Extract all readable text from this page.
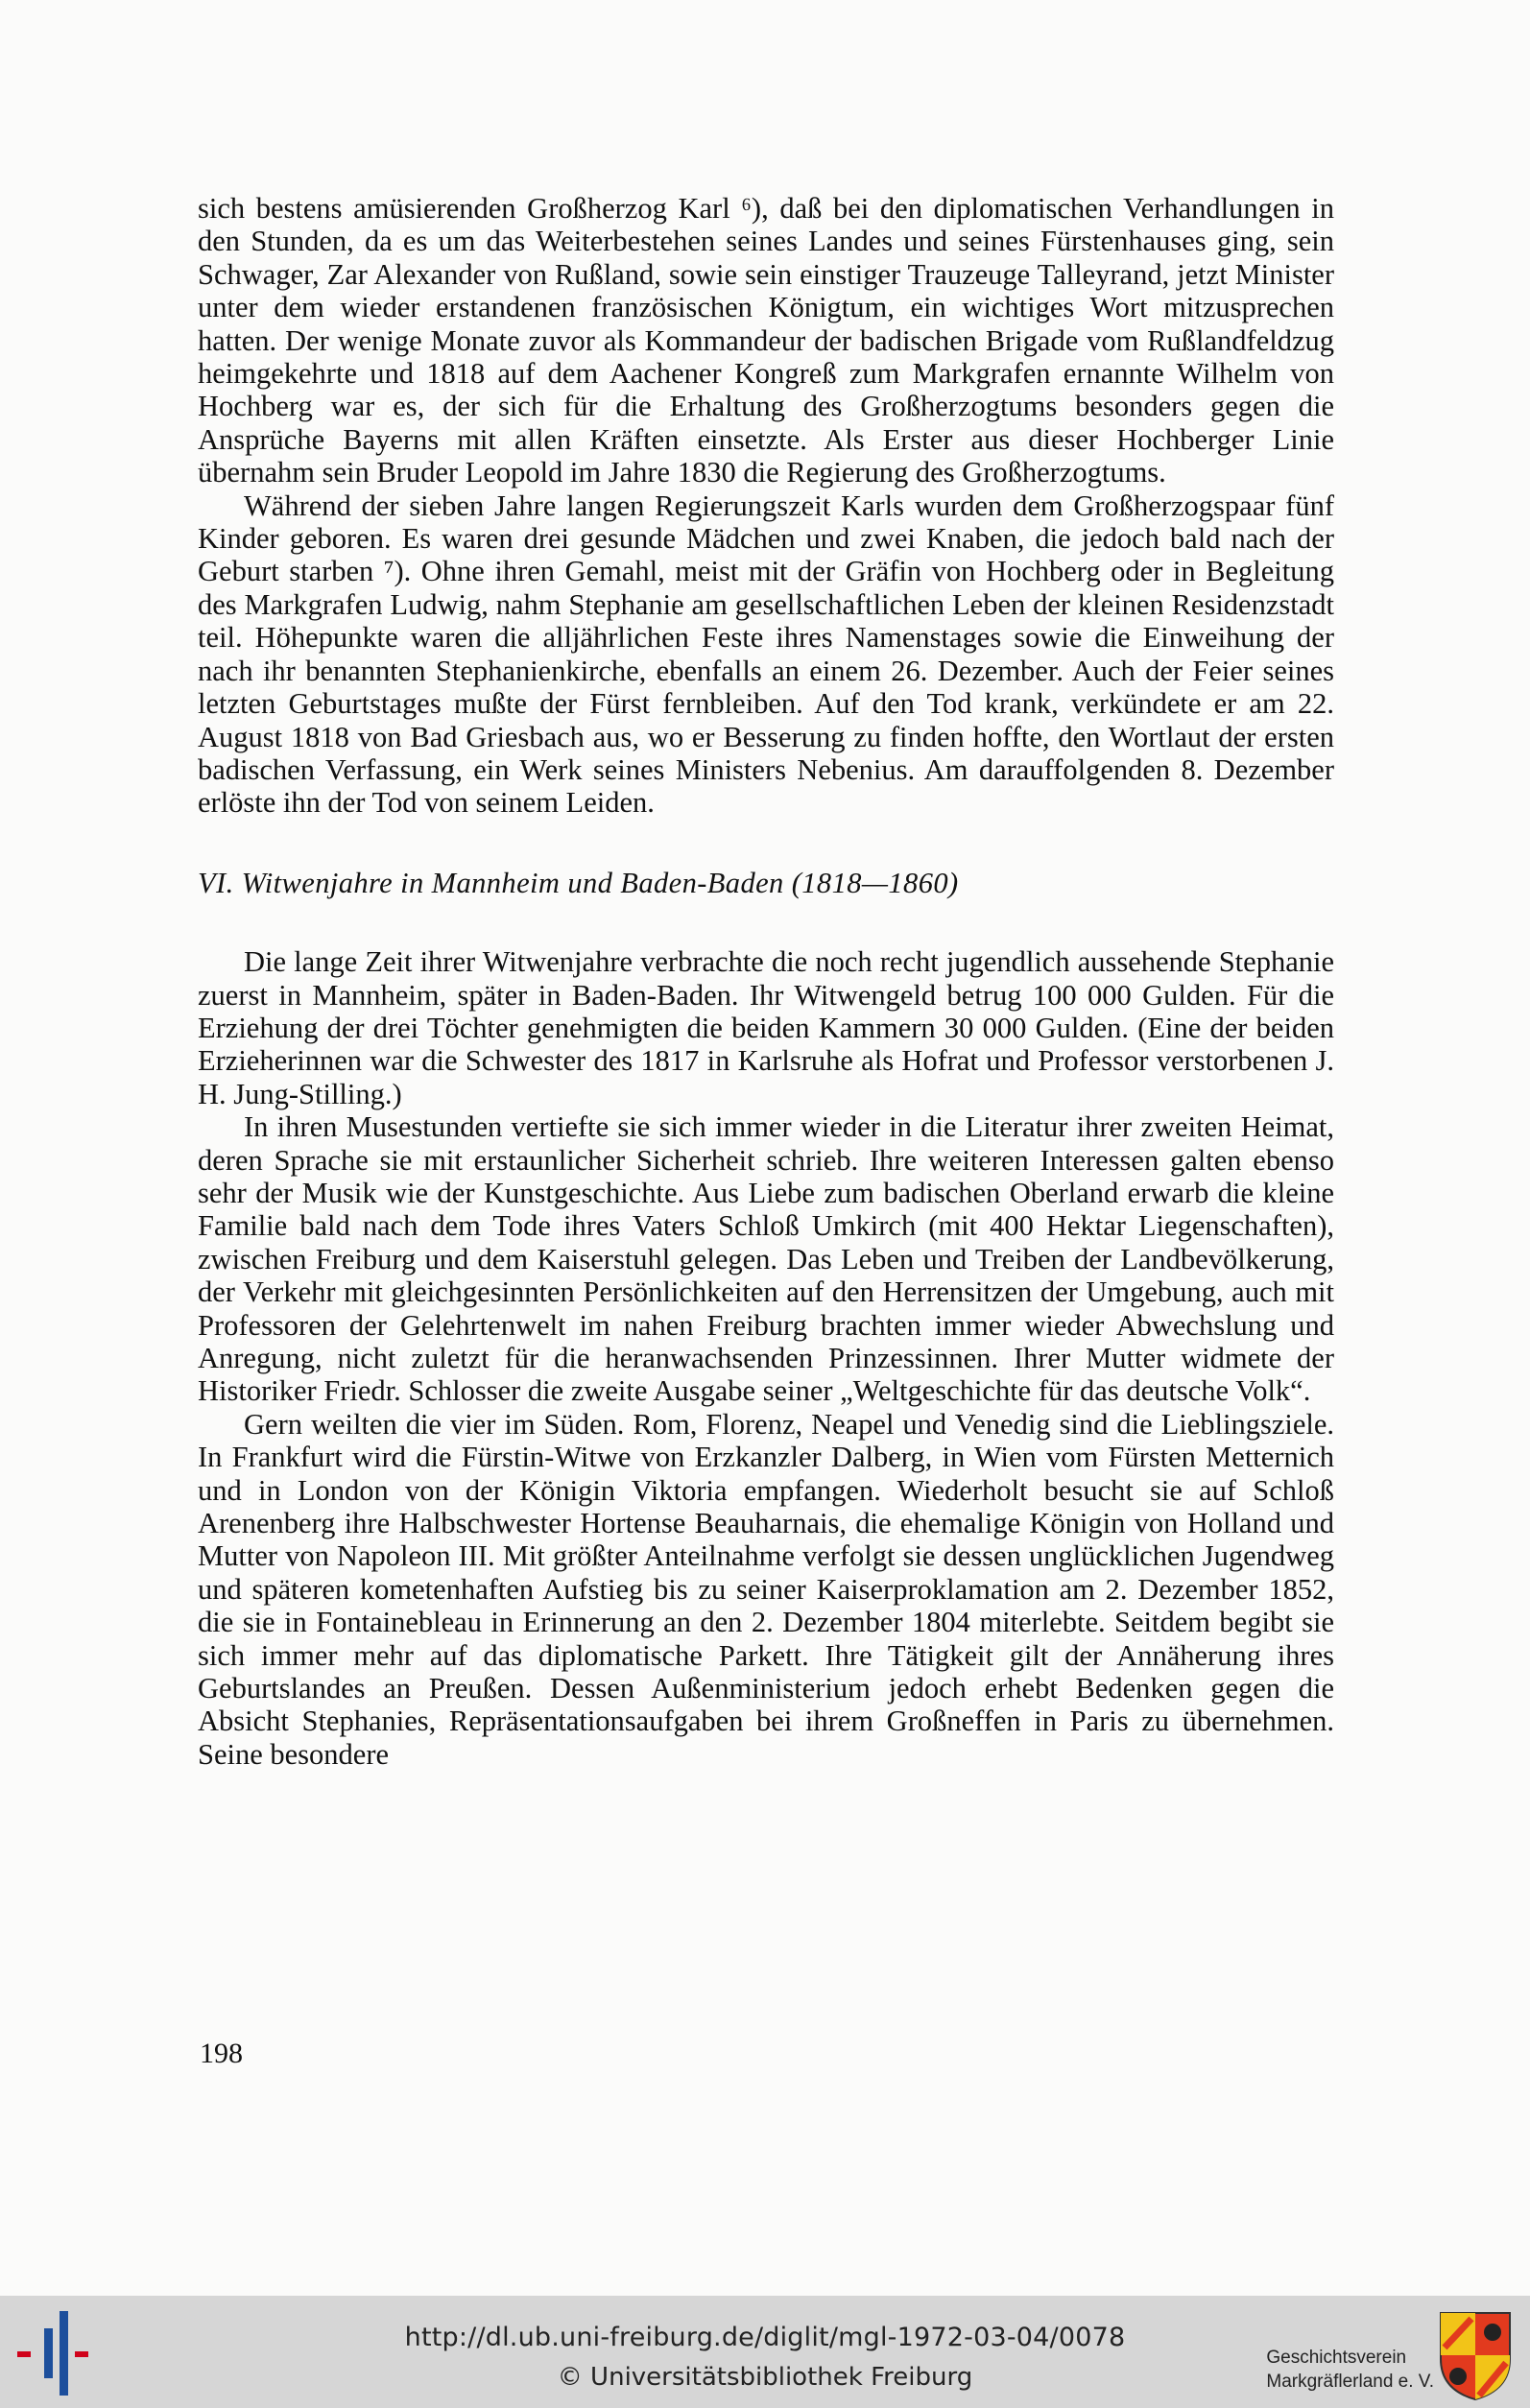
sich bestens amüsierenden Großherzog Karl ⁶), daß bei den diplomatischen Verhandlungen in den Stunden, da es um das Weiterbestehen seines Landes und seines Fürstenhauses ging, sein Schwager, Zar Alexander von Rußland, sowie sein einstiger Trauzeuge Talleyrand, jetzt Minister unter dem wieder erstandenen französischen Königtum, ein wichtiges Wort mitzusprechen hatten. Der wenige Monate zuvor als Kommandeur der badischen Brigade vom Rußlandfeldzug heimgekehrte und 1818 auf dem Aachener Kongreß zum Markgrafen ernannte Wilhelm von Hochberg war es, der sich für die Erhaltung des Großherzogtums besonders gegen die Ansprüche Bayerns mit allen Kräften einsetzte. Als Erster aus dieser Hochberger Linie übernahm sein Bruder Leopold im Jahre 1830 die Regierung des Großherzogtums.

Während der sieben Jahre langen Regierungszeit Karls wurden dem Großherzogspaar fünf Kinder geboren. Es waren drei gesunde Mädchen und zwei Knaben, die jedoch bald nach der Geburt starben ⁷). Ohne ihren Gemahl, meist mit der Gräfin von Hochberg oder in Begleitung des Markgrafen Ludwig, nahm Stephanie am gesellschaftlichen Leben der kleinen Residenzstadt teil. Höhepunkte waren die alljährlichen Feste ihres Namenstages sowie die Einweihung der nach ihr benannten Stephanienkirche, ebenfalls an einem 26. Dezember. Auch der Feier seines letzten Geburtstages mußte der Fürst fernbleiben. Auf den Tod krank, verkündete er am 22. August 1818 von Bad Griesbach aus, wo er Besserung zu finden hoffte, den Wortlaut der ersten badischen Verfassung, ein Werk seines Ministers Nebenius. Am darauffolgenden 8. Dezember erlöste ihn der Tod von seinem Leiden.

VI. Witwenjahre in Mannheim und Baden-Baden (1818—1860)

Die lange Zeit ihrer Witwenjahre verbrachte die noch recht jugendlich aussehende Stephanie zuerst in Mannheim, später in Baden-Baden. Ihr Witwengeld betrug 100 000 Gulden. Für die Erziehung der drei Töchter genehmigten die beiden Kammern 30 000 Gulden. (Eine der beiden Erzieherinnen war die Schwester des 1817 in Karlsruhe als Hofrat und Professor verstorbenen J. H. Jung-Stilling.)

In ihren Musestunden vertiefte sie sich immer wieder in die Literatur ihrer zweiten Heimat, deren Sprache sie mit erstaunlicher Sicherheit schrieb. Ihre weiteren Interessen galten ebenso sehr der Musik wie der Kunstgeschichte. Aus Liebe zum badischen Oberland erwarb die kleine Familie bald nach dem Tode ihres Vaters Schloß Umkirch (mit 400 Hektar Liegenschaften), zwischen Freiburg und dem Kaiserstuhl gelegen. Das Leben und Treiben der Landbevölkerung, der Verkehr mit gleichgesinnten Persönlichkeiten auf den Herrensitzen der Umgebung, auch mit Professoren der Gelehrtenwelt im nahen Freiburg brachten immer wieder Abwechslung und Anregung, nicht zuletzt für die heranwachsenden Prinzessinnen. Ihrer Mutter widmete der Historiker Friedr. Schlosser die zweite Ausgabe seiner „Weltgeschichte für das deutsche Volk“.

Gern weilten die vier im Süden. Rom, Florenz, Neapel und Venedig sind die Lieblingsziele. In Frankfurt wird die Fürstin-Witwe von Erzkanzler Dalberg, in Wien vom Fürsten Metternich und in London von der Königin Viktoria empfangen. Wiederholt besucht sie auf Schloß Arenenberg ihre Halbschwester Hortense Beauharnais, die ehemalige Königin von Holland und Mutter von Napoleon III. Mit größter Anteilnahme verfolgt sie dessen unglücklichen Jugendweg und späteren kometenhaften Aufstieg bis zu seiner Kaiserproklamation am 2. Dezember 1852, die sie in Fontainebleau in Erinnerung an den 2. Dezember 1804 miterlebte. Seitdem begibt sie sich immer mehr auf das diplomatische Parkett. Ihre Tätigkeit gilt der Annäherung ihres Geburtslandes an Preußen. Dessen Außenministerium jedoch erhebt Bedenken gegen die Absicht Stephanies, Repräsentationsaufgaben bei ihrem Großneffen in Paris zu übernehmen. Seine besondere

198
http://dl.ub.uni-freiburg.de/diglit/mgl-1972-03-04/0078
© Universitätsbibliothek Freiburg
Geschichtsverein
Markgräflerland e. V.
